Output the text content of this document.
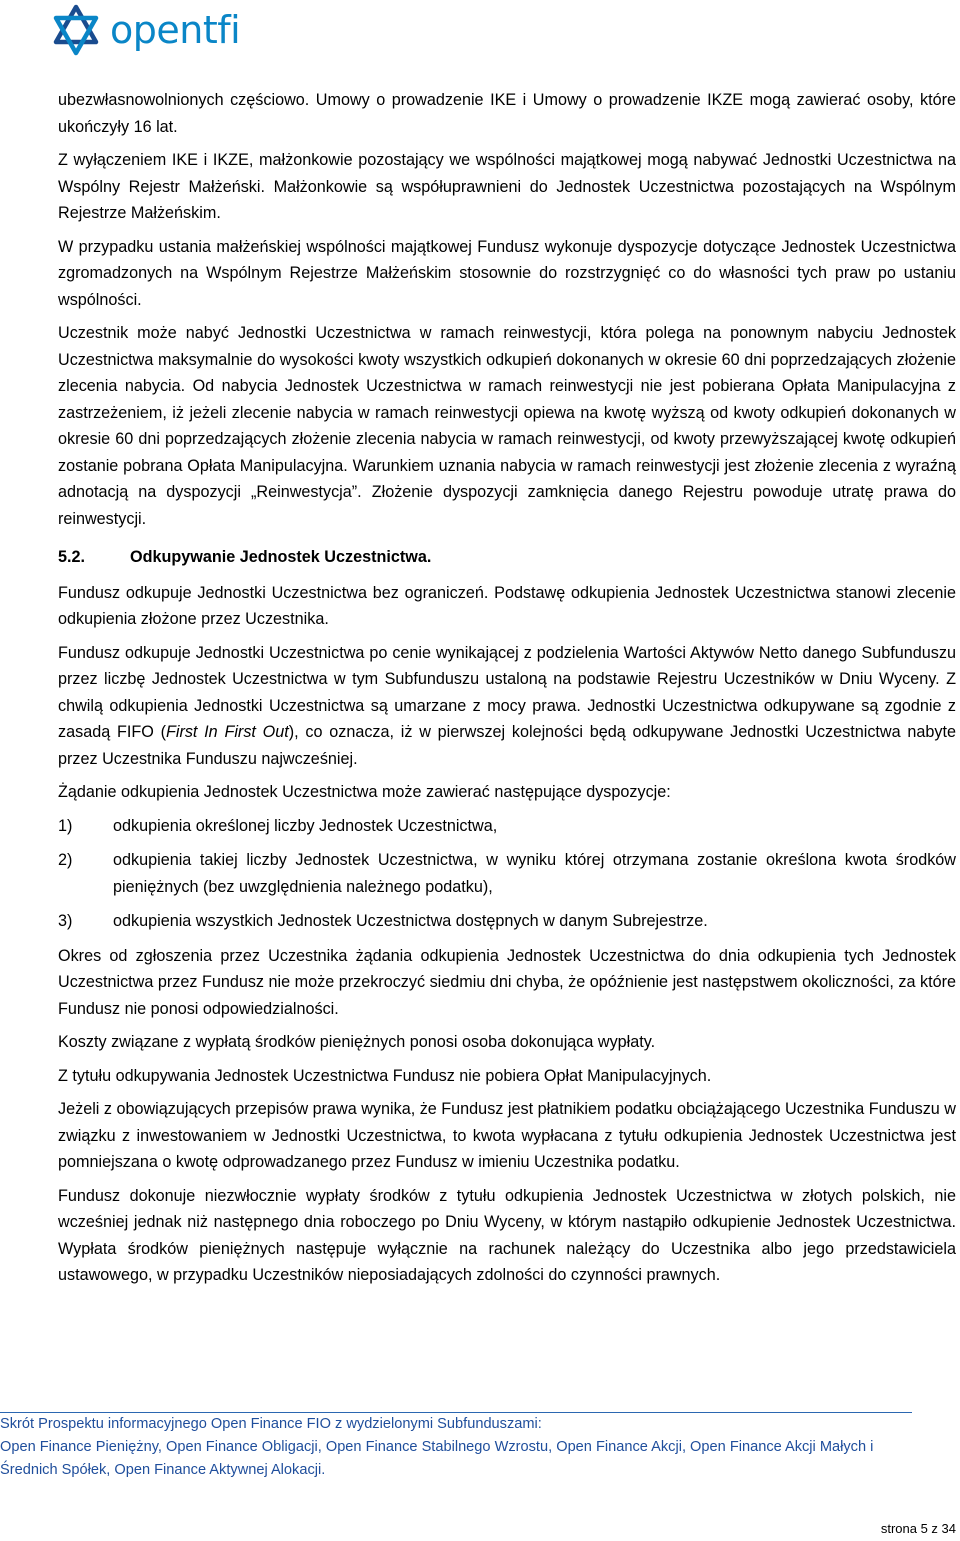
opentfi

ubezwłasnowolnionych częściowo. Umowy o prowadzenie IKE i Umowy o prowadzenie IKZE mogą zawierać osoby, które ukończyły 16 lat.

Z wyłączeniem IKE i IKZE, małżonkowie pozostający we wspólności majątkowej mogą nabywać Jednostki Uczestnictwa na Wspólny Rejestr Małżeński. Małżonkowie są współuprawnieni do Jednostek Uczestnictwa pozostających na Wspólnym Rejestrze Małżeńskim.

W przypadku ustania małżeńskiej wspólności majątkowej Fundusz wykonuje dyspozycje dotyczące Jednostek Uczestnictwa zgromadzonych na Wspólnym Rejestrze Małżeńskim stosownie do rozstrzygnięć co do własności tych praw po ustaniu wspólności.

Uczestnik może nabyć Jednostki Uczestnictwa w ramach reinwestycji, która polega na ponownym nabyciu Jednostek Uczestnictwa maksymalnie do wysokości kwoty wszystkich odkupień dokonanych w okresie 60 dni poprzedzających złożenie zlecenia nabycia. Od nabycia Jednostek Uczestnictwa w ramach reinwestycji nie jest pobierana Opłata Manipulacyjna z zastrzeżeniem, iż jeżeli zlecenie nabycia w ramach reinwestycji opiewa na kwotę wyższą od kwoty odkupień dokonanych w okresie 60 dni poprzedzających złożenie zlecenia nabycia w ramach reinwestycji, od kwoty przewyższającej kwotę odkupień zostanie pobrana Opłata Manipulacyjna. Warunkiem uznania nabycia w ramach reinwestycji jest złożenie zlecenia z wyraźną adnotacją na dyspozycji „Reinwestycja”. Złożenie dyspozycji zamknięcia danego Rejestru powoduje utratę prawa do reinwestycji.

5.2.	Odkupywanie Jednostek Uczestnictwa.

Fundusz odkupuje Jednostki Uczestnictwa bez ograniczeń. Podstawę odkupienia Jednostek Uczestnictwa stanowi zlecenie odkupienia złożone przez Uczestnika.

Fundusz odkupuje Jednostki Uczestnictwa po cenie wynikającej z podzielenia Wartości Aktywów Netto danego Subfunduszu przez liczbę Jednostek Uczestnictwa w tym Subfunduszu ustaloną na podstawie Rejestru Uczestników w Dniu Wyceny. Z chwilą odkupienia Jednostki Uczestnictwa są umarzane z mocy prawa. Jednostki Uczestnictwa odkupywane są zgodnie z zasadą FIFO (First In First Out), co oznacza, iż w pierwszej kolejności będą odkupywane Jednostki Uczestnictwa nabyte przez Uczestnika Funduszu najwcześniej.

Żądanie odkupienia Jednostek Uczestnictwa może zawierać następujące dyspozycje:

1)	odkupienia określonej liczby Jednostek Uczestnictwa,
2)	odkupienia takiej liczby Jednostek Uczestnictwa, w wyniku której otrzymana zostanie określona kwota środków pieniężnych (bez uwzględnienia należnego podatku),
3)	odkupienia wszystkich Jednostek Uczestnictwa dostępnych w danym Subrejestrze.

Okres od zgłoszenia przez Uczestnika żądania odkupienia Jednostek Uczestnictwa do dnia odkupienia tych Jednostek Uczestnictwa przez Fundusz nie może przekroczyć siedmiu dni chyba, że opóźnienie jest następstwem okoliczności, za które Fundusz nie ponosi odpowiedzialności.

Koszty związane z wypłatą środków pieniężnych ponosi osoba dokonująca wypłaty.

Z tytułu odkupywania Jednostek Uczestnictwa Fundusz nie pobiera Opłat Manipulacyjnych.

Jeżeli z obowiązujących przepisów prawa wynika, że Fundusz jest płatnikiem podatku obciążającego Uczestnika Funduszu w związku z inwestowaniem w Jednostki Uczestnictwa, to kwota wypłacana z tytułu odkupienia Jednostek Uczestnictwa jest pomniejszana o kwotę odprowadzanego przez Fundusz w imieniu Uczestnika podatku.

Fundusz dokonuje niezwłocznie wypłaty środków z tytułu odkupienia Jednostek Uczestnictwa w złotych polskich, nie wcześniej jednak niż następnego dnia roboczego po Dniu Wyceny, w którym nastąpiło odkupienie Jednostek Uczestnictwa. Wypłata środków pieniężnych następuje wyłącznie na rachunek należący do Uczestnika albo jego przedstawiciela ustawowego, w przypadku Uczestników nieposiadających zdolności do czynności prawnych.

Skrót Prospektu informacyjnego Open Finance FIO z wydzielonymi Subfunduszami:
Open Finance Pieniężny, Open Finance Obligacji, Open Finance Stabilnego Wzrostu, Open Finance Akcji, Open Finance Akcji Małych i Średnich Spółek, Open Finance Aktywnej Alokacji.
strona 5 z 34
